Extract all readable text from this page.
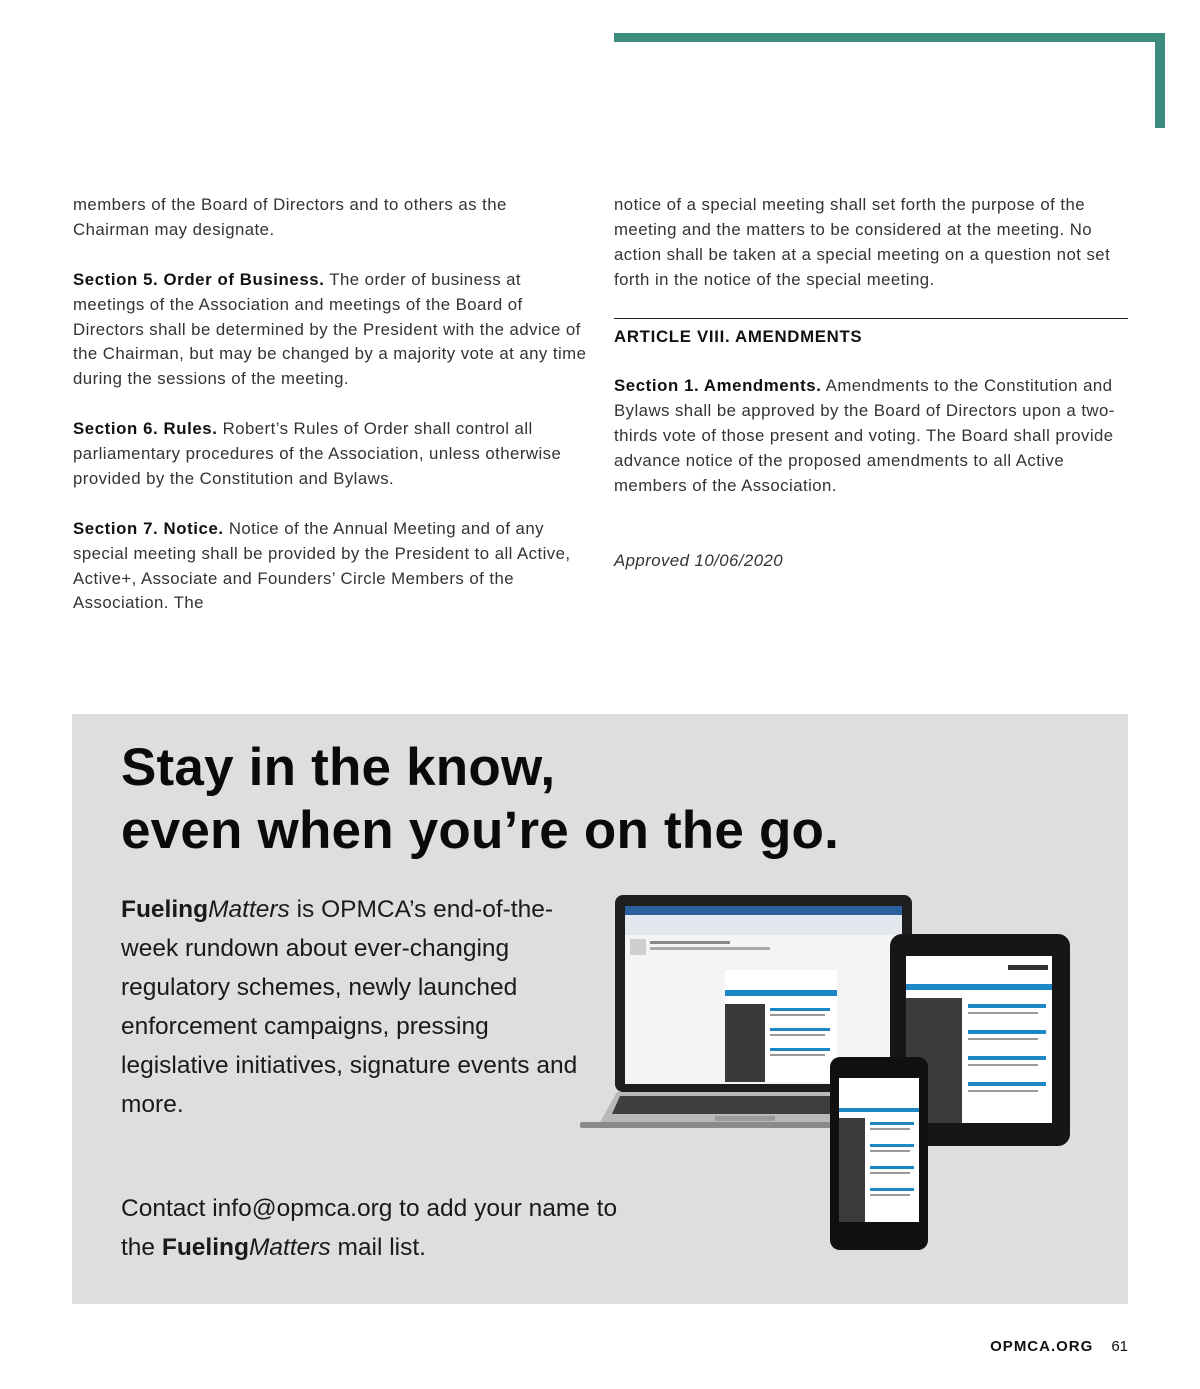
members of the Board of Directors and to others as the Chairman may designate.

Section 5. Order of Business. The order of business at meetings of the Association and meetings of the Board of Directors shall be determined by the President with the advice of the Chairman, but may be changed by a majority vote at any time during the sessions of the meeting.

Section 6. Rules. Robert’s Rules of Order shall control all parliamentary procedures of the Association, unless otherwise provided by the Constitution and Bylaws.

Section 7. Notice. Notice of the Annual Meeting and of any special meeting shall be provided by the President to all Active, Active+, Associate and Founders’ Circle Members of the Association. The

notice of a special meeting shall set forth the purpose of the meeting and the matters to be considered at the meeting. No action shall be taken at a special meeting on a question not set forth in the notice of the special meeting.

ARTICLE VIII. AMENDMENTS

Section 1. Amendments. Amendments to the Constitution and Bylaws shall be approved by the Board of Directors upon a two-thirds vote of those present and voting. The Board shall provide advance notice of the proposed amendments to all Active members of the Association.

Approved 10/06/2020

Stay in the know,
even when you’re on the go.

FuelingMatters is OPMCA’s end-of-the-week rundown about ever-changing regulatory schemes, newly launched enforcement campaigns, pressing legislative initiatives, signature events and more.

Contact info@opmca.org to add your name to the FuelingMatters mail list.

OPMCA.ORG 61
